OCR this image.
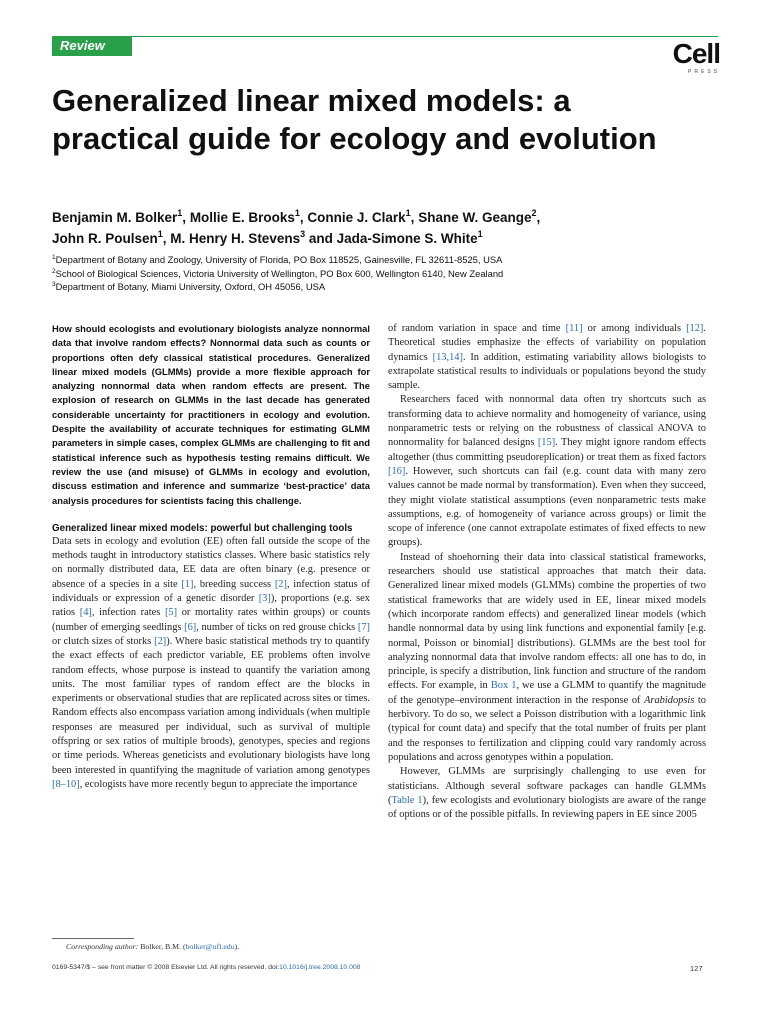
Review	Cell
PRESS
Generalized linear mixed models: a practical guide for ecology and evolution

Benjamin M. Bolker$^1$, Mollie E. Brooks$^1$, Connie J. Clark$^1$, Shane W. Geange$^2$,
John R. Poulsen$^1$, M. Henry H. Stevens$^3$ and Jada-Simone S. White$^1$

$^1$Department of Botany and Zoology, University of Florida, PO Box 118525, Gainesville, FL 32611-8525, USA
$^2$School of Biological Sciences, Victoria University of Wellington, PO Box 600, Wellington 6140, New Zealand
$^3$Department of Botany, Miami University, Oxford, OH 45056, USA

How should ecologists and evolutionary biologists analyze nonnormal data that involve random effects? Nonnormal data such as counts or proportions often defy classical statistical procedures. Generalized linear mixed models (GLMMs) provide a more flexible approach for analyzing nonnormal data when random effects are present. The explosion of research on GLMMs in the last decade has generated considerable uncertainty for practitioners in ecology and evolution. Despite the availability of accurate techniques for estimating GLMM parameters in simple cases, complex GLMMs are challenging to fit and statistical inference such as hypothesis testing remains difficult. We review the use (and misuse) of GLMMs in ecology and evolution, discuss estimation and inference and summarize ‘best-practice’ data analysis procedures for scientists facing this challenge.

Generalized linear mixed models: powerful but challenging tools

Data sets in ecology and evolution (EE) often fall outside the scope of the methods taught in introductory statistics classes. Where basic statistics rely on normally distributed data, EE data are often binary (e.g. presence or absence of a species in a site [1], breeding success [2], infection status of individuals or expression of a genetic disorder [3]), proportions (e.g. sex ratios [4], infection rates [5] or mortality rates within groups) or counts (number of emerging seedlings [6], number of ticks on red grouse chicks [7] or clutch sizes of storks [2]). Where basic statistical methods try to quantify the exact effects of each predictor variable, EE problems often involve random effects, whose purpose is instead to quantify the variation among units. The most familiar types of random effect are the blocks in experiments or observational studies that are replicated across sites or times. Random effects also encompass variation among individuals (when multiple responses are measured per individual, such as survival of multiple offspring or sex ratios of multiple broods), genotypes, species and regions or time periods. Whereas geneticists and evolutionary biologists have long been interested in quantifying the magnitude of variation among genotypes [8–10], ecologists have more recently begun to appreciate the importance

of random variation in space and time [11] or among individuals [12]. Theoretical studies emphasize the effects of variability on population dynamics [13,14]. In addition, estimating variability allows biologists to extrapolate statistical results to individuals or populations beyond the study sample.

Researchers faced with nonnormal data often try shortcuts such as transforming data to achieve normality and homogeneity of variance, using nonparametric tests or relying on the robustness of classical ANOVA to nonnormality for balanced designs [15]. They might ignore random effects altogether (thus committing pseudoreplication) or treat them as fixed factors [16]. However, such shortcuts can fail (e.g. count data with many zero values cannot be made normal by transformation). Even when they succeed, they might violate statistical assumptions (even nonparametric tests make assumptions, e.g. of homogeneity of variance across groups) or limit the scope of inference (one cannot extrapolate estimates of fixed effects to new groups).

Instead of shoehorning their data into classical statistical frameworks, researchers should use statistical approaches that match their data. Generalized linear mixed models (GLMMs) combine the properties of two statistical frameworks that are widely used in EE, linear mixed models (which incorporate random effects) and generalized linear models (which handle nonnormal data by using link functions and exponential family [e.g. normal, Poisson or binomial] distributions). GLMMs are the best tool for analyzing nonnormal data that involve random effects: all one has to do, in principle, is specify a distribution, link function and structure of the random effects. For example, in Box 1, we use a GLMM to quantify the magnitude of the genotype–environment interaction in the response of Arabidopsis to herbivory. To do so, we select a Poisson distribution with a logarithmic link (typical for count data) and specify that the total number of fruits per plant and the responses to fertilization and clipping could vary randomly across populations and across genotypes within a population.

However, GLMMs are surprisingly challenging to use even for statisticians. Although several software packages can handle GLMMs (Table 1), few ecologists and evolutionary biologists are aware of the range of options or of the possible pitfalls. In reviewing papers in EE since 2005

Corresponding author: Bolker, B.M. (bolker@ufl.edu).
0169-5347/$ – see front matter © 2008 Elsevier Ltd. All rights reserved. doi:10.1016/j.tree.2008.10.008	127
